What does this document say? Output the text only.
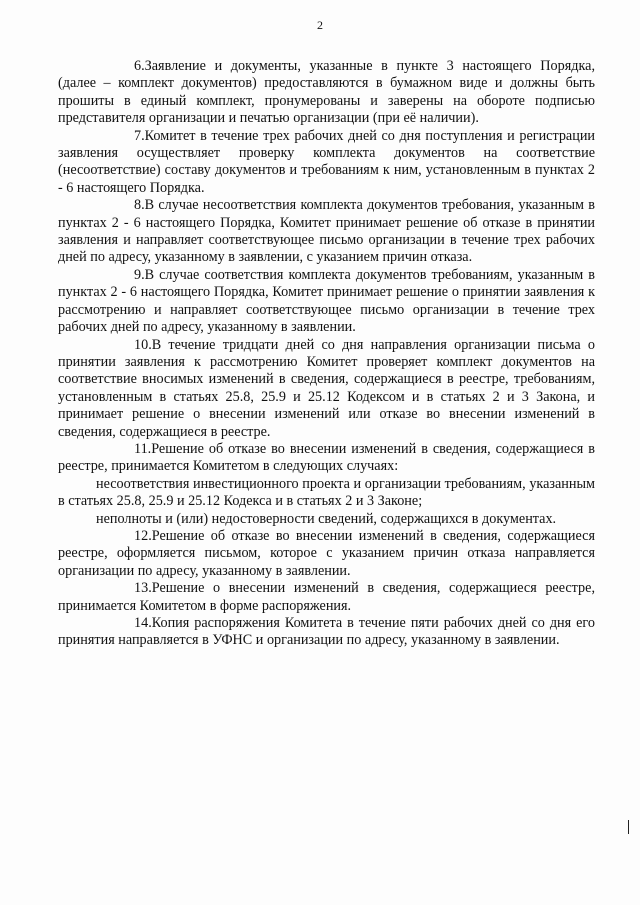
2

6.Заявление и документы, указанные в пункте 3 настоящего Порядка, (далее – комплект документов) предоставляются в бумажном виде и должны быть прошиты в единый комплект, пронумерованы и заверены на обороте подписью представителя организации и печатью организации (при её наличии).

7.Комитет в течение трех рабочих дней со дня поступления и регистрации заявления осуществляет проверку комплекта документов на соответствие (несоответствие) составу документов и требованиям к ним, установленным в пунктах 2 - 6 настоящего Порядка.

8.В случае несоответствия комплекта документов требования, указанным в пунктах 2 - 6 настоящего Порядка, Комитет принимает решение об отказе в принятии заявления и направляет соответствующее письмо организации в течение трех рабочих дней по адресу, указанному в заявлении, с указанием причин отказа.

9.В случае соответствия комплекта документов требованиям, указанным в пунктах 2 - 6 настоящего Порядка, Комитет принимает решение о принятии заявления к рассмотрению и направляет соответствующее письмо организации в течение трех рабочих дней по адресу, указанному в заявлении.

10.В течение тридцати дней со дня направления организации письма о принятии заявления к рассмотрению Комитет проверяет комплект документов на соответствие вносимых изменений в сведения, содержащиеся в реестре, требованиям, установленным в статьях 25.8, 25.9 и 25.12 Кодексом и в статьях 2 и 3 Закона, и принимает решение о внесении изменений или отказе во внесении изменений в сведения, содержащиеся в реестре.

11.Решение об отказе во внесении изменений в сведения, содержащиеся в реестре, принимается Комитетом в следующих случаях:

несоответствия инвестиционного проекта и организации требованиям, указанным в статьях 25.8, 25.9 и 25.12 Кодекса и в статьях 2 и 3 Законе;

неполноты и (или) недостоверности сведений, содержащихся в документах.

12.Решение об отказе во внесении изменений в сведения, содержащиеся реестре, оформляется письмом, которое с указанием причин отказа направляется организации по адресу, указанному в заявлении.

13.Решение о внесении изменений в сведения, содержащиеся реестре, принимается Комитетом в форме распоряжения.

14.Копия распоряжения Комитета в течение пяти рабочих дней со дня его принятия направляется в УФНС и организации по адресу, указанному в заявлении.
